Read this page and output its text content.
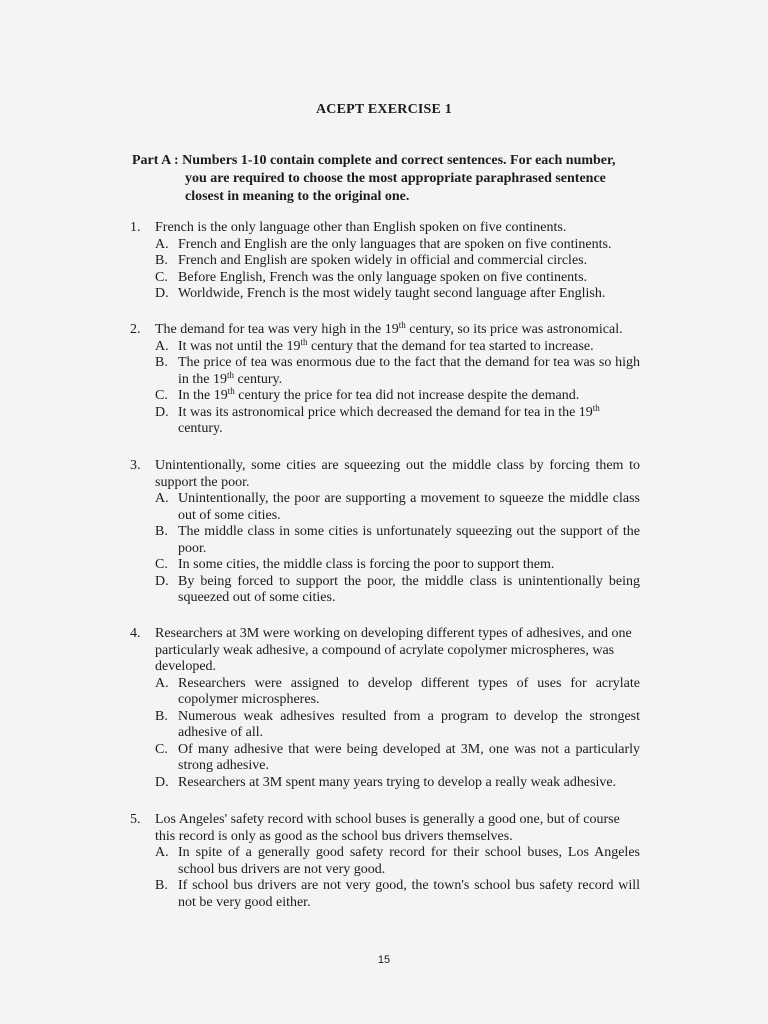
ACEPT EXERCISE 1
Part A : Numbers 1-10 contain complete and correct sentences. For each number,
you are required to choose the most appropriate paraphrased sentence closest in meaning to the original one.
1. French is the only language other than English spoken on five continents.
A. French and English are the only languages that are spoken on five continents.
B. French and English are spoken widely in official and commercial circles.
C. Before English, French was the only language spoken on five continents.
D. Worldwide, French is the most widely taught second language after English.
2. The demand for tea was very high in the 19th century, so its price was astronomical.
A. It was not until the 19th century that the demand for tea started to increase.
B. The price of tea was enormous due to the fact that the demand for tea was so high in the 19th century.
C. In the 19th century the price for tea did not increase despite the demand.
D. It was its astronomical price which decreased the demand for tea in the 19th century.
3. Unintentionally, some cities are squeezing out the middle class by forcing them to support the poor.
A. Unintentionally, the poor are supporting a movement to squeeze the middle class out of some cities.
B. The middle class in some cities is unfortunately squeezing out the support of the poor.
C. In some cities, the middle class is forcing the poor to support them.
D. By being forced to support the poor, the middle class is unintentionally being squeezed out of some cities.
4. Researchers at 3M were working on developing different types of adhesives, and one particularly weak adhesive, a compound of acrylate copolymer microspheres, was developed.
A. Researchers were assigned to develop different types of uses for acrylate copolymer microspheres.
B. Numerous weak adhesives resulted from a program to develop the strongest adhesive of all.
C. Of many adhesive that were being developed at 3M, one was not a particularly strong adhesive.
D. Researchers at 3M spent many years trying to develop a really weak adhesive.
5. Los Angeles' safety record with school buses is generally a good one, but of course this record is only as good as the school bus drivers themselves.
A. In spite of a generally good safety record for their school buses, Los Angeles school bus drivers are not very good.
B. If school bus drivers are not very good, the town's school bus safety record will not be very good either.
15
